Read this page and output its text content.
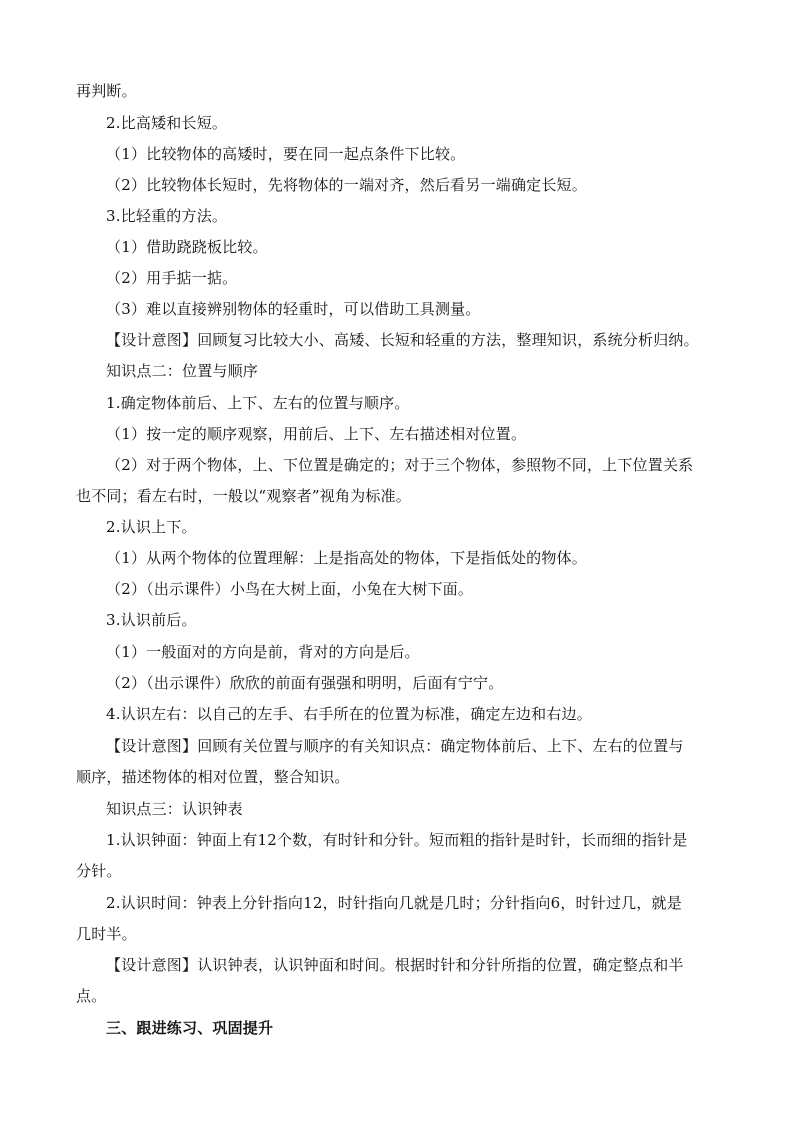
再判断。
2.比高矮和长短。
（1）比较物体的高矮时，要在同一起点条件下比较。
（2）比较物体长短时，先将物体的一端对齐，然后看另一端确定长短。
3.比轻重的方法。
（1）借助跷跷板比较。
（2）用手掂一掂。
（3）难以直接辨别物体的轻重时，可以借助工具测量。
【设计意图】回顾复习比较大小、高矮、长短和轻重的方法，整理知识，系统分析归纳。
知识点二：位置与顺序
1.确定物体前后、上下、左右的位置与顺序。
（1）按一定的顺序观察，用前后、上下、左右描述相对位置。
（2）对于两个物体，上、下位置是确定的；对于三个物体，参照物不同，上下位置关系
也不同；看左右时，一般以“观察者”视角为标准。
2.认识上下。
（1）从两个物体的位置理解：上是指高处的物体，下是指低处的物体。
（2）（出示课件）小鸟在大树上面，小兔在大树下面。
3.认识前后。
（1）一般面对的方向是前，背对的方向是后。
（2）（出示课件）欣欣的前面有强强和明明，后面有宁宁。
4.认识左右：以自己的左手、右手所在的位置为标准，确定左边和右边。
【设计意图】回顾有关位置与顺序的有关知识点：确定物体前后、上下、左右的位置与
顺序，描述物体的相对位置，整合知识。
知识点三：认识钟表
1.认识钟面：钟面上有12个数，有时针和分针。短而粗的指针是时针，长而细的指针是
分针。
2.认识时间：钟表上分针指向12，时针指向几就是几时；分针指向6，时针过几，就是
几时半。
【设计意图】认识钟表，认识钟面和时间。根据时针和分针所指的位置，确定整点和半
点。
三、跟进练习、巩固提升
